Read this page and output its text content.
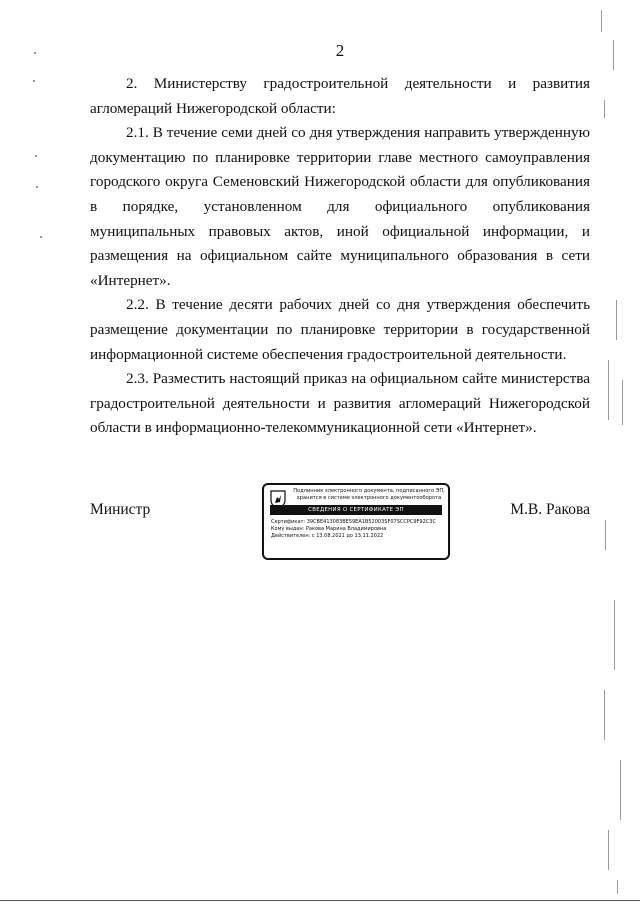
2

2. Министерству градостроительной деятельности и развития агломераций Нижегородской области:

2.1. В течение семи дней со дня утверждения направить утвержденную документацию по планировке территории главе местного самоуправления городского округа Семеновский Нижегородской области для опубликования в порядке, установленном для официального опубликования муниципальных правовых актов, иной официальной информации, и размещения на официальном сайте муниципального образования в сети «Интернет».

2.2. В течение десяти рабочих дней со дня утверждения обеспечить размещение документации по планировке территории в государственной информационной системе обеспечения градостроительной деятельности.

2.3. Разместить настоящий приказ на официальном сайте министерства градостроительной деятельности и развития агломераций Нижегородской области в информационно-телекоммуникационной сети «Интернет».

Министр
Подлинник электронного документа, подписанного ЭП,
хранится в системе электронного документооборота
СВЕДЕНИЯ О СЕРТИФИКАТЕ ЭП
Сертификат: 39CBE413083BE59EA1B52003SF07SCCPC9F92C3C
Кому выдан: Ракова Марина Владимировна
Действителен: с 13.08.2021 до 13.11.2022
М.В. Ракова
